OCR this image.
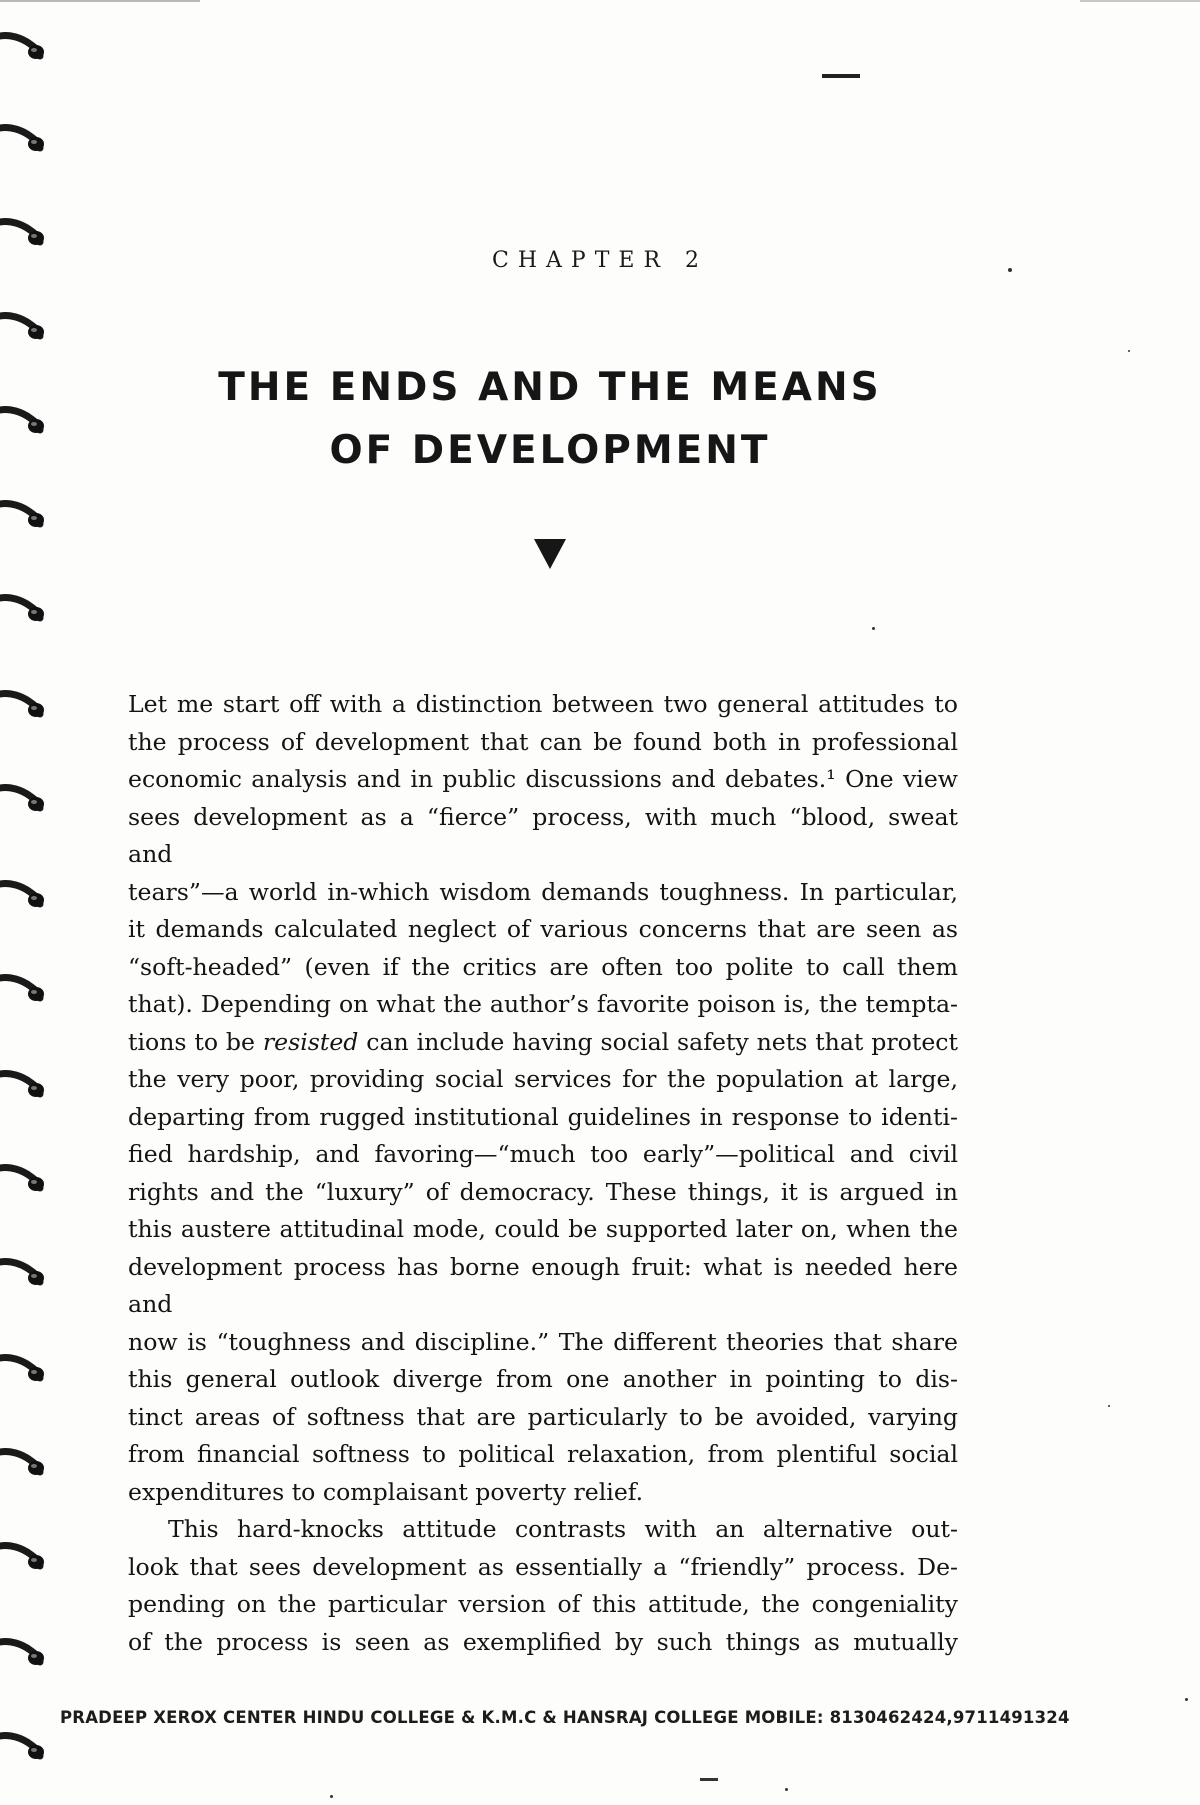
CHAPTER 2
THE ENDS AND THE MEANS
OF DEVELOPMENT
Let me start off with a distinction between two general attitudes to
the process of development that can be found both in professional
economic analysis and in public discussions and debates.¹ One view
sees development as a “fierce” process, with much “blood, sweat and
tears”—a world in-which wisdom demands toughness. In particular,
it demands calculated neglect of various concerns that are seen as
“soft-headed” (even if the critics are often too polite to call them
that). Depending on what the author’s favorite poison is, the tempta-
tions to be resisted can include having social safety nets that protect
the very poor, providing social services for the population at large,
departing from rugged institutional guidelines in response to identi-
fied hardship, and favoring—“much too early”—political and civil
rights and the “luxury” of democracy. These things, it is argued in
this austere attitudinal mode, could be supported later on, when the
development process has borne enough fruit: what is needed here and
now is “toughness and discipline.” The different theories that share
this general outlook diverge from one another in pointing to dis-
tinct areas of softness that are particularly to be avoided, varying
from financial softness to political relaxation, from plentiful social
expenditures to complaisant poverty relief.
This hard-knocks attitude contrasts with an alternative out-
look that sees development as essentially a “friendly” process. De-
pending on the particular version of this attitude, the congeniality
of the process is seen as exemplified by such things as mutually
PRADEEP XEROX CENTER HINDU COLLEGE & K.M.C & HANSRAJ COLLEGE MOBILE: 8130462424,9711491324
